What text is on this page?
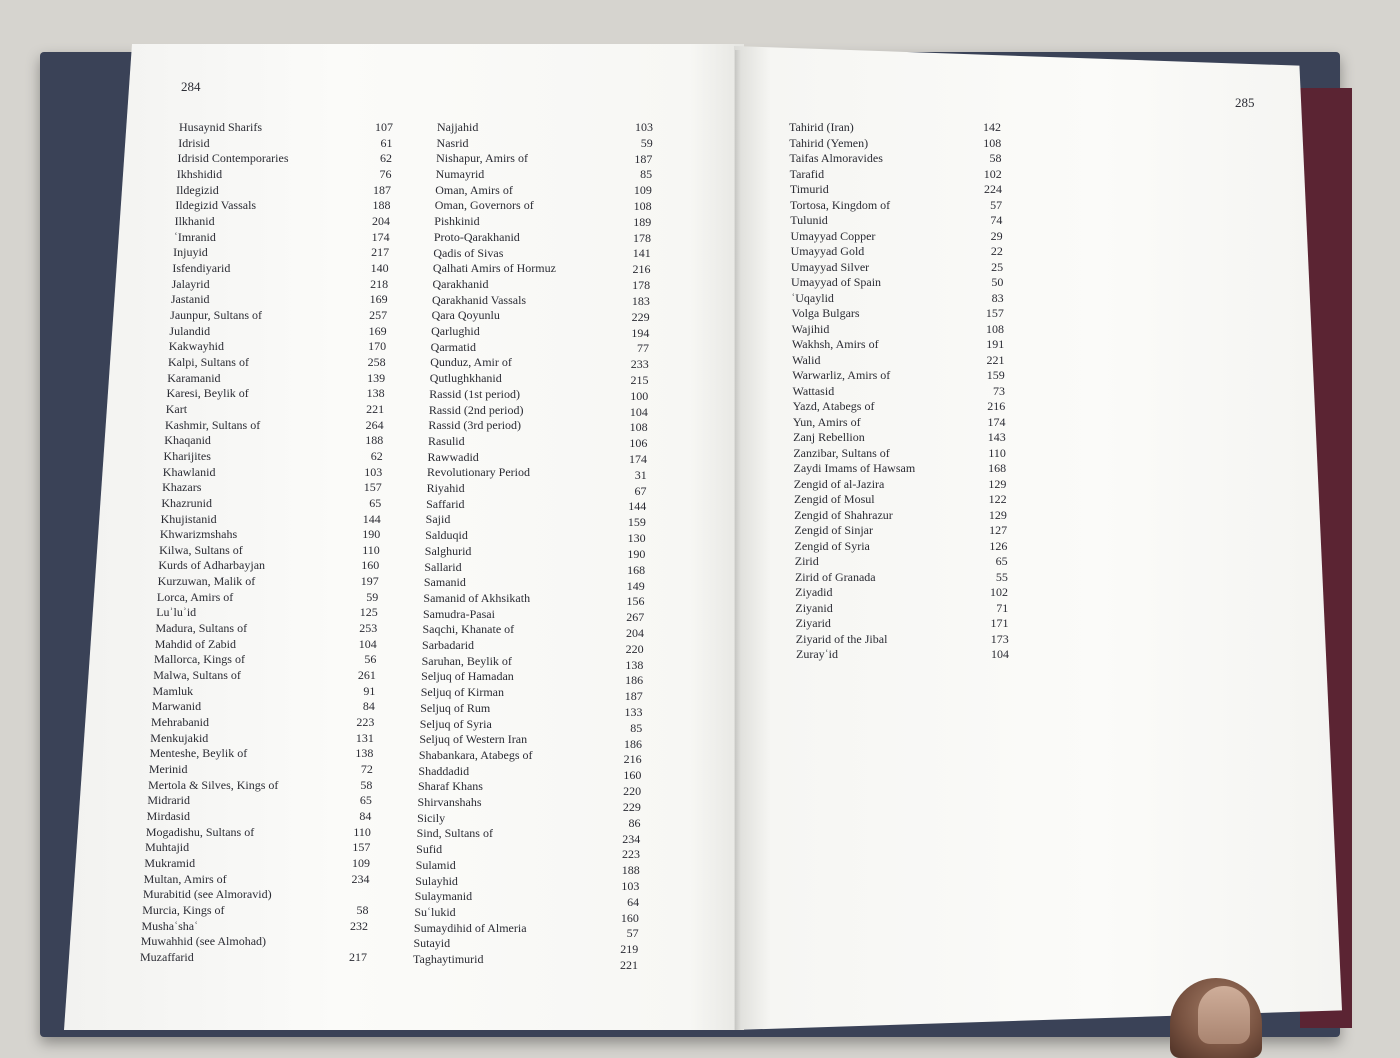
284
285
Husaynid Sharifs	107
Idrisid	61
Idrisid Contemporaries	62
Ikhshidid	76
Ildegizid	187
Ildegizid Vassals	188
Ilkhanid	204
ʿImranid	174
Injuyid	217
Isfendiyarid	140
Jalayrid	218
Jastanid	169
Jaunpur, Sultans of	257
Julandid	169
Kakwayhid	170
Kalpi, Sultans of	258
Karamanid	139
Karesi, Beylik of	138
Kart	221
Kashmir, Sultans of	264
Khaqanid	188
Kharijites	62
Khawlanid	103
Khazars	157
Khazrunid	65
Khujistanid	144
Khwarizmshahs	190
Kilwa, Sultans of	110
Kurds of Adharbayjan	160
Kurzuwan, Malik of	197
Lorca, Amirs of	59
Luʾluʾid	125
Madura, Sultans of	253
Mahdid of Zabid	104
Mallorca, Kings of	56
Malwa, Sultans of	261
Mamluk	91
Marwanid	84
Mehrabanid	223
Menkujakid	131
Menteshe, Beylik of	138
Merinid	72
Mertola & Silves, Kings of	58
Midrarid	65
Mirdasid	84
Mogadishu, Sultans of	110
Muhtajid	157
Mukramid	109
Multan, Amirs of	234
Murabitid (see Almoravid)
Murcia, Kings of	58
Mushaʿshaʿ	232
Muwahhid (see Almohad)
Muzaffarid	217
Najjahid	103
Nasrid	59
Nishapur, Amirs of	187
Numayrid	85
Oman, Amirs of	109
Oman, Governors of	108
Pishkinid	189
Proto-Qarakhanid	178
Qadis of Sivas	141
Qalhati Amirs of Hormuz	216
Qarakhanid	178
Qarakhanid Vassals	183
Qara Qoyunlu	229
Qarlughid	194
Qarmatid	77
Qunduz, Amir of	233
Qutlughkhanid	215
Rassid (1st period)	100
Rassid (2nd period)	104
Rassid (3rd period)	108
Rasulid	106
Rawwadid	174
Revolutionary Period	31
Riyahid	67
Saffarid	144
Sajid	159
Salduqid	130
Salghurid	190
Sallarid	168
Samanid	149
Samanid of Akhsikath	156
Samudra-Pasai	267
Saqchi, Khanate of	204
Sarbadarid	220
Saruhan, Beylik of	138
Seljuq of Hamadan	186
Seljuq of Kirman	187
Seljuq of Rum	133
Seljuq of Syria	85
Seljuq of Western Iran	186
Shabankara, Atabegs of	216
Shaddadid	160
Sharaf Khans	220
Shirvanshahs	229
Sicily	86
Sind, Sultans of	234
Sufid	223
Sulamid	188
Sulayhid	103
Sulaymanid	64
Suʿlukid	160
Sumaydihid of Almeria	57
Sutayid	219
Taghaytimurid	221
Tahirid (Iran)	142
Tahirid (Yemen)	108
Taifas Almoravides	58
Tarafid	102
Timurid	224
Tortosa, Kingdom of	57
Tulunid	74
Umayyad Copper	29
Umayyad Gold	22
Umayyad Silver	25
Umayyad of Spain	50
ʿUqaylid	83
Volga Bulgars	157
Wajihid	108
Wakhsh, Amirs of	191
Walid	221
Warwarliz, Amirs of	159
Wattasid	73
Yazd, Atabegs of	216
Yun, Amirs of	174
Zanj Rebellion	143
Zanzibar, Sultans of	110
Zaydi Imams of Hawsam	168
Zengid of al-Jazira	129
Zengid of Mosul	122
Zengid of Shahrazur	129
Zengid of Sinjar	127
Zengid of Syria	126
Zirid	65
Zirid of Granada	55
Ziyadid	102
Ziyanid	71
Ziyarid	171
Ziyarid of the Jibal	173
Zurayʿid	104
